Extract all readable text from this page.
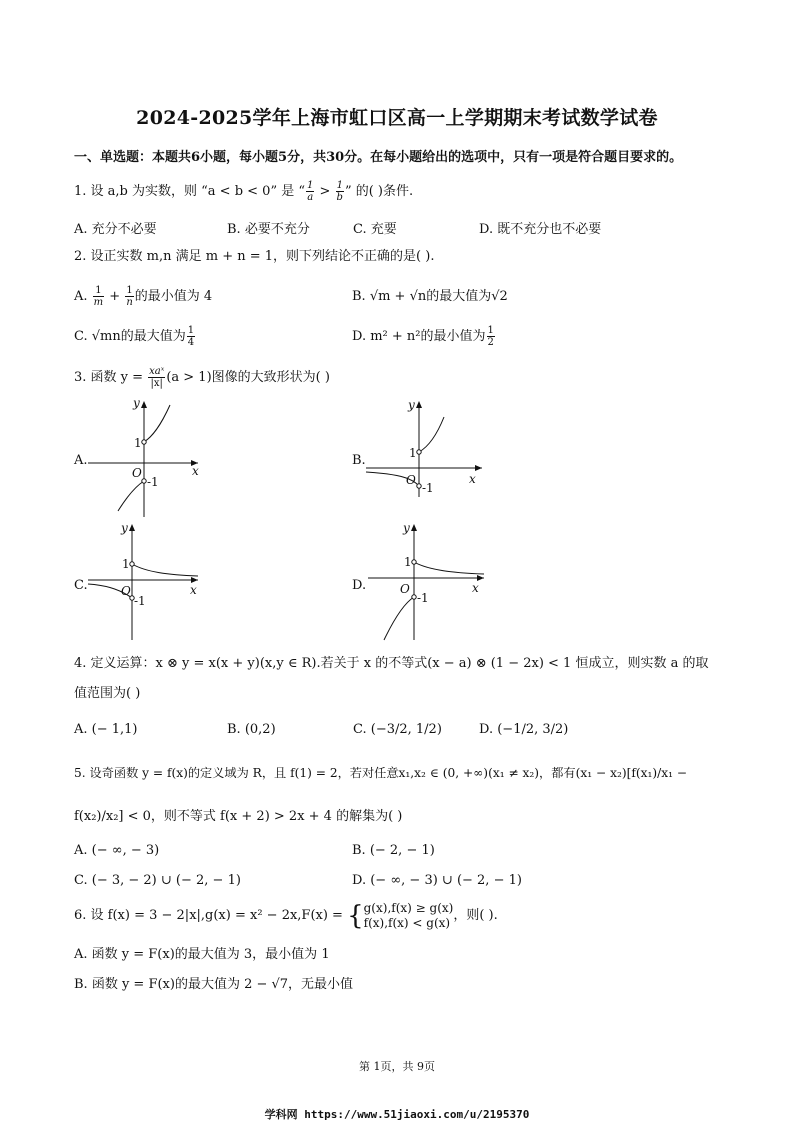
2024-2025学年上海市虹口区高一上学期期末考试数学试卷
一、单选题：本题共6小题，每小题5分，共30分。在每小题给出的选项中，只有一项是符合题目要求的。
1. 设 a,b 为实数，则 “a < b < 0” 是 “ $\frac{1}{a} > \frac{1}{b}$ ” 的( )条件.
A. 充分不必要	B. 必要不充分	C. 充要	D. 既不充分也不必要
2. 设正实数 m,n 满足 m + n = 1，则下列结论不正确的是( ).
A. $\frac{1}{m} + \frac{1}{n}$ 的最小值为 4	B. √m + √n的最大值为√2
C. √mn的最大值为 $\frac{1}{4}$	D. m² + n²的最小值为 $\frac{1}{2}$
3. 函数 $y = \frac{\text{xaˣ}}{|x|} (a > 1)$图像的大致形状为( )
A.
y
x
O
1
-1
B.
y
x
O
1
-1
C.
y
x
O
1
-1
D.
y
x
O
1
-1
4. 定义运算：x ⊗ y = x(x + y)(x,y ∈ R).若关于 x 的不等式(x − a) ⊗ (1 − 2x) < 1 恒成立，则实数 a 的取
值范围为( )
A. (− 1,1)	B. (0,2)	C. (−3/2, 1/2)	D. (−1/2, 3/2)
5. 设奇函数 y = f(x)的定义域为 R，且 f(1) = 2，若对任意x₁,x₂ ∈ (0, +∞)(x₁ ≠ x₂)，都有(x₁ − x₂)[f(x₁)/x₁ −
f(x₂)/x₂] < 0，则不等式 f(x + 2) > 2x + 4 的解集为( )
A. (− ∞, − 3)	B. (− 2, − 1)
C. (− 3, − 2) ∪ (− 2, − 1)	D. (− ∞, − 3) ∪ (− 2, − 1)
6. 设 f(x) = 3 − 2|x|,g(x) = x² − 2x,F(x) = { g(x),f(x) ≥ g(x)
f(x),f(x) < g(x) ，则( ).
A. 函数 y = F(x)的最大值为 3，最小值为 1
B. 函数 y = F(x)的最大值为 2 − √7，无最小值
第 1页，共 9页
学科网 https://www.51jiaoxi.com/u/2195370
